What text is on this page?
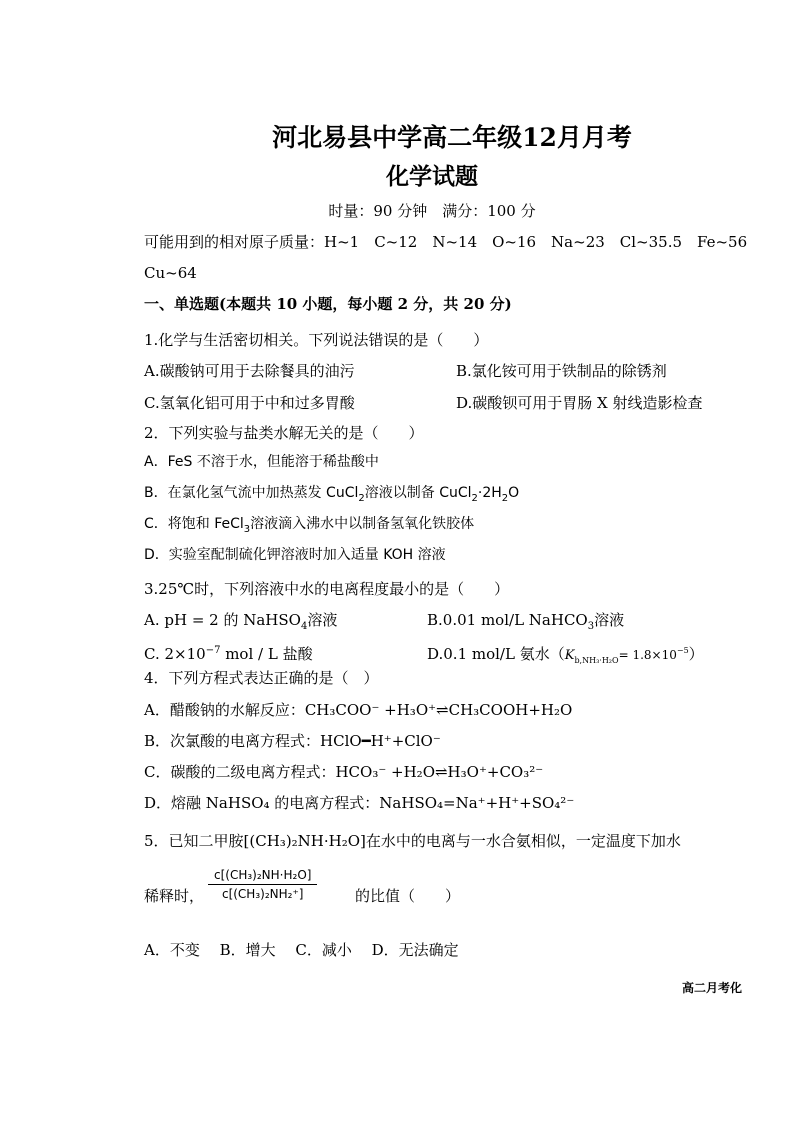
河北易县中学高二年级12月月考
化学试题
时量：90 分钟　满分：100 分
可能用到的相对原子质量：H~1　C~12　N~14　O~16　Na~23　Cl~35.5　Fe~56
Cu~64
一、单选题(本题共 10 小题，每小题 2 分，共 20 分)
1.化学与生活密切相关。下列说法错误的是（　　）
A.碳酸钠可用于去除餐具的油污	B.氯化铵可用于铁制品的除锈剂
C.氢氧化铝可用于中和过多胃酸	D.碳酸钡可用于胃肠 X 射线造影检查
2．下列实验与盐类水解无关的是（　　）
A．FeS 不溶于水，但能溶于稀盐酸中
B．在氯化氢气流中加热蒸发 CuCl$_2$溶液以制备 $CuCl_2\cdot 2H_2O$
C．将饱和 FeCl$_3$溶液滴入沸水中以制备氢氧化铁胶体
D．实验室配制硫化钾溶液时加入适量 KOH 溶液
3.25℃时，下列溶液中水的电离程度最小的是（　　）
A. pH = 2 的 NaHSO$_4$溶液	B.0.01 mol/L NaHCO$_3$溶液
C. $2\times 10^{-7}$ mol / L 盐酸	D.0.1 mol/L 氨水$(K_{b,NH_3\cdot H_2O}= 1.8\times 10^{-5})$
4．下列方程式表达正确的是（　）
A．醋酸钠的水解反应：CH₃COO⁻ +H₃O⁺⇌CH₃COOH+H₂O
B．次氯酸的电离方程式：HClO━H⁺+ClO⁻
C．碳酸的二级电离方程式：HCO₃⁻ +H₂O⇌H₃O⁺+CO₃²⁻
D．熔融 NaHSO₄ 的电离方程式：NaHSO₄=Na⁺+H⁺+SO₄²⁻
5．已知二甲胺[(CH₃)₂NH·H₂O]在水中的电离与一水合氨相似，一定温度下加水
稀释时， $\frac{\text{c[(CH₃)₂NH·H₂O]}}{\text{c[(CH₃)₂NH₂⁺]}}$	的比值（　　）
A．不变　 B．增大　 C．减小　 D．无法确定
高二月考化
